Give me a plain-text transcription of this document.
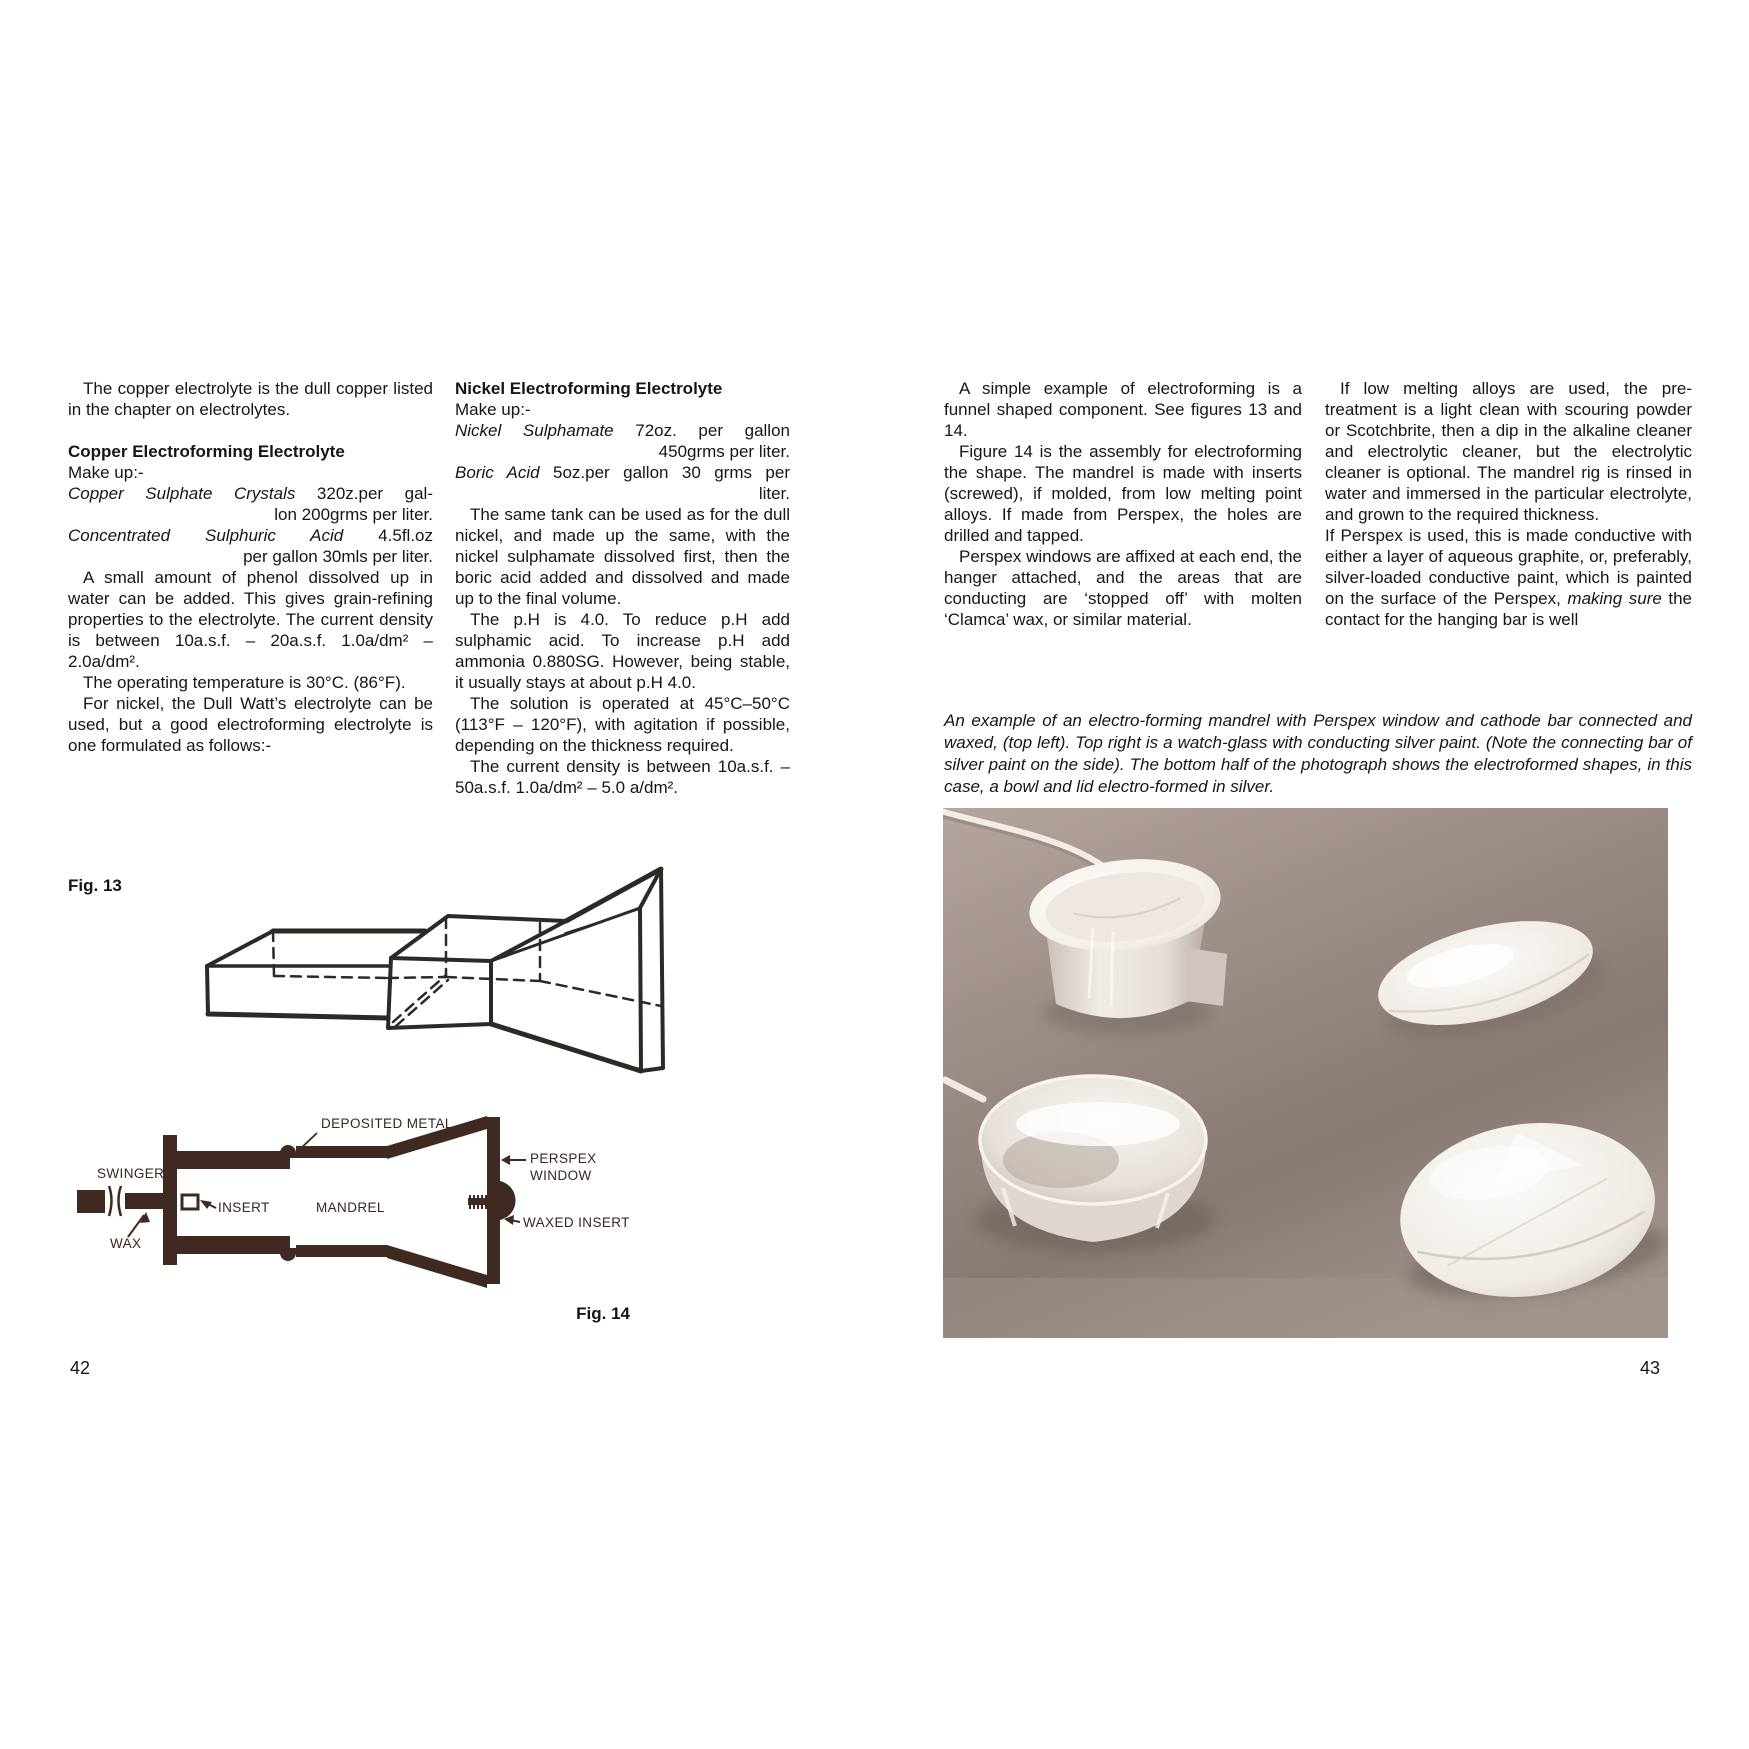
The copper electrolyte is the dull copper listed in the chapter on electrolytes.

Copper Electroforming Electrolyte

Make up:-

Copper Sulphate Crystals 320z.per gal-
lon 200grms per liter.
Concentrated Sulphuric Acid 4.5fl.oz
per gallon 30mls per liter.

A small amount of phenol dissolved up in water can be added. This gives grain-refining properties to the electrolyte. The current density is between 10a.s.f. – 20a.s.f. 1.0a/dm² – 2.0a/dm².

The operating temperature is 30°C. (86°F).

For nickel, the Dull Watt’s electrolyte can be used, but a good electroforming electrolyte is one formulated as follows:-

Nickel Electroforming Electrolyte

Make up:-

Nickel Sulphamate 72oz. per gallon
450grms per liter.
Boric Acid 5oz.per gallon 30 grms per
liter.

The same tank can be used as for the dull nickel, and made up the same, with the nickel sulphamate dissolved first, then the boric acid added and dissolved and made up to the final volume.

The p.H is 4.0. To reduce p.H add sulphamic acid. To increase p.H add ammonia 0.880SG. However, being stable, it usually stays at about p.H 4.0.

The solution is operated at 45°C–50°C (113°F – 120°F), with agitation if possible, depending on the thickness required.

The current density is between 10a.s.f. – 50a.s.f. 1.0a/dm² – 5.0 a/dm².

Fig. 13
SWINGER
INSERT	MANDREL
DEPOSITED METAL
PERSPEX
WINDOW
WAXED INSERT
WAX
Fig. 14
42

A simple example of electroforming is a funnel shaped component. See figures 13 and 14.

Figure 14 is the assembly for electroforming the shape. The mandrel is made with inserts (screwed), if molded, from low melting point alloys. If made from Perspex, the holes are drilled and tapped.

Perspex windows are affixed at each end, the hanger attached, and the areas that are conducting are ‘stopped off’ with molten ‘Clamca’ wax, or similar material.

If low melting alloys are used, the pre-treatment is a light clean with scouring powder or Scotchbrite, then a dip in the alkaline cleaner and electrolytic cleaner, but the electrolytic cleaner is optional. The mandrel rig is rinsed in water and immersed in the particular electrolyte, and grown to the required thickness.

If Perspex is used, this is made conductive with either a layer of aqueous graphite, or, preferably, silver-loaded conductive paint, which is painted on the surface of the Perspex, making sure the contact for the hanging bar is well

An example of an electro-forming mandrel with Perspex window and cathode bar connected and waxed, (top left). Top right is a watch-glass with conducting silver paint. (Note the connecting bar of silver paint on the side). The bottom half of the photograph shows the electroformed shapes, in this case, a bowl and lid electro-formed in silver.
43
